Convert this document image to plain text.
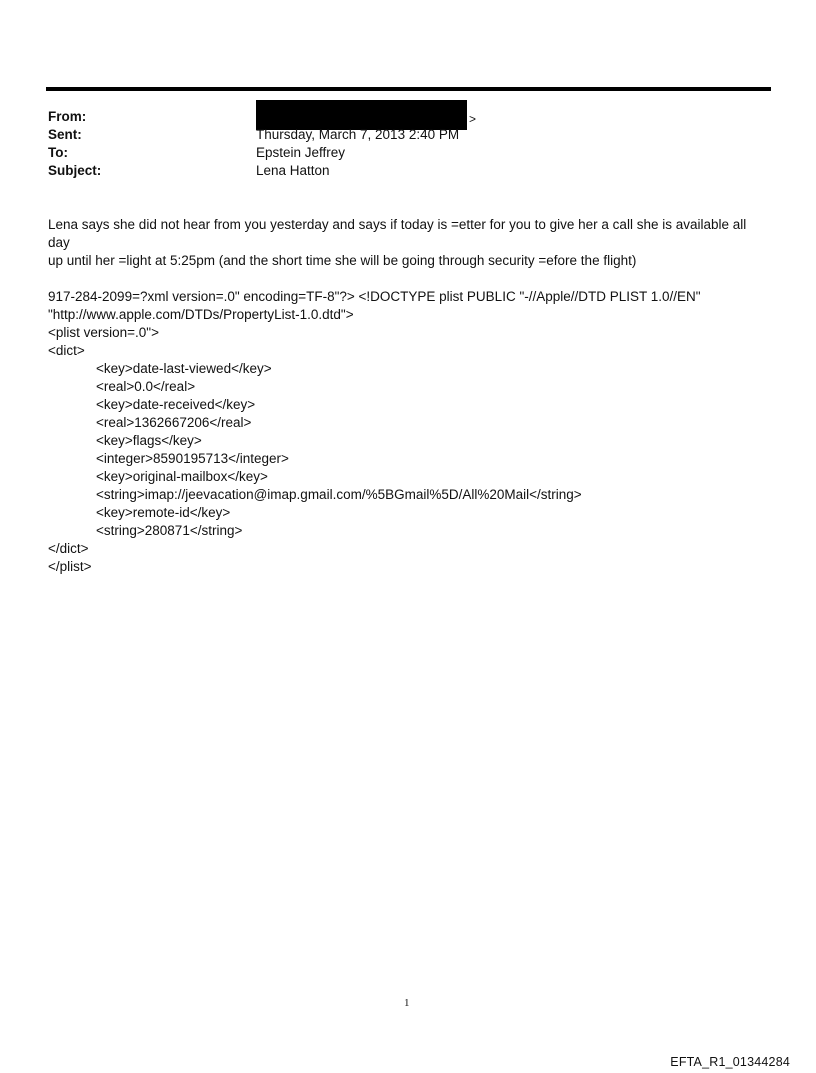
From:	>
Sent:	Thursday, March 7, 2013 2:40 PM
To:	Epstein Jeffrey
Subject:	Lena Hatton

Lena says she did not hear from you yesterday and says if today is =etter for you to give her a call she is available all day

up until her =light at 5:25pm (and the short time she will be going through security =efore the flight)

917-284-2099=?xml version=.0" encoding=TF-8"?> <!DOCTYPE plist PUBLIC "-//Apple//DTD PLIST 1.0//EN"
"http://www.apple.com/DTDs/PropertyList-1.0.dtd">
<plist version=.0">
<dict>
<key>date-last-viewed</key>
<real>0.0</real>
<key>date-received</key>
<real>1362667206</real>
<key>flags</key>
<integer>8590195713</integer>
<key>original-mailbox</key>
<string>imap://jeevacation@imap.gmail.com/%5BGmail%5D/All%20Mail</string>
<key>remote-id</key>
<string>280871</string>
</dict>
</plist>
1
EFTA_R1_01344284
